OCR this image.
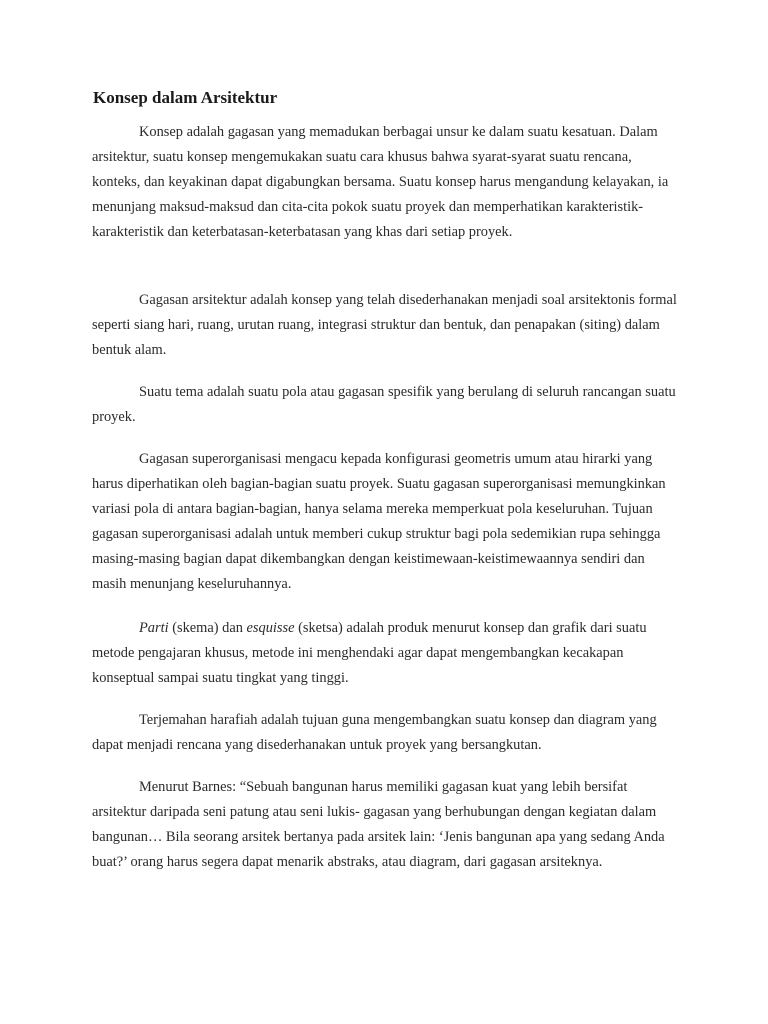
Konsep dalam Arsitektur

Konsep adalah gagasan yang memadukan berbagai unsur ke dalam suatu kesatuan. Dalam arsitektur, suatu konsep mengemukakan suatu cara khusus bahwa syarat-syarat suatu rencana, konteks, dan keyakinan dapat digabungkan bersama. Suatu konsep harus mengandung kelayakan, ia menunjang maksud-maksud dan cita-cita pokok suatu proyek dan memperhatikan karakteristik-karakteristik dan keterbatasan-keterbatasan yang khas dari setiap proyek.

Gagasan arsitektur adalah konsep yang telah disederhanakan menjadi soal arsitektonis formal seperti siang hari, ruang, urutan ruang, integrasi struktur dan bentuk, dan penapakan (siting) dalam bentuk alam.

Suatu tema adalah suatu pola atau gagasan spesifik yang berulang di seluruh rancangan suatu proyek.

Gagasan superorganisasi mengacu kepada konfigurasi geometris umum atau hirarki yang harus diperhatikan oleh bagian-bagian suatu proyek. Suatu gagasan superorganisasi memungkinkan variasi pola di antara bagian-bagian, hanya selama mereka memperkuat pola keseluruhan. Tujuan gagasan superorganisasi adalah untuk memberi cukup struktur bagi pola sedemikian rupa sehingga masing-masing bagian dapat dikembangkan dengan keistimewaan-keistimewaannya sendiri dan masih menunjang keseluruhannya.

Parti (skema) dan esquisse (sketsa) adalah produk menurut konsep dan grafik dari suatu metode pengajaran khusus, metode ini menghendaki agar dapat mengembangkan kecakapan konseptual sampai suatu tingkat yang tinggi.

Terjemahan harafiah adalah tujuan guna mengembangkan suatu konsep dan diagram yang dapat menjadi rencana yang disederhanakan untuk proyek yang bersangkutan.

Menurut Barnes: “Sebuah bangunan harus memiliki gagasan kuat yang lebih bersifat arsitektur daripada seni patung atau seni lukis- gagasan yang berhubungan dengan kegiatan dalam bangunan… Bila seorang arsitek bertanya pada arsitek lain: ‘Jenis bangunan apa yang sedang Anda buat?’ orang harus segera dapat menarik abstraks, atau diagram, dari gagasan arsiteknya.
